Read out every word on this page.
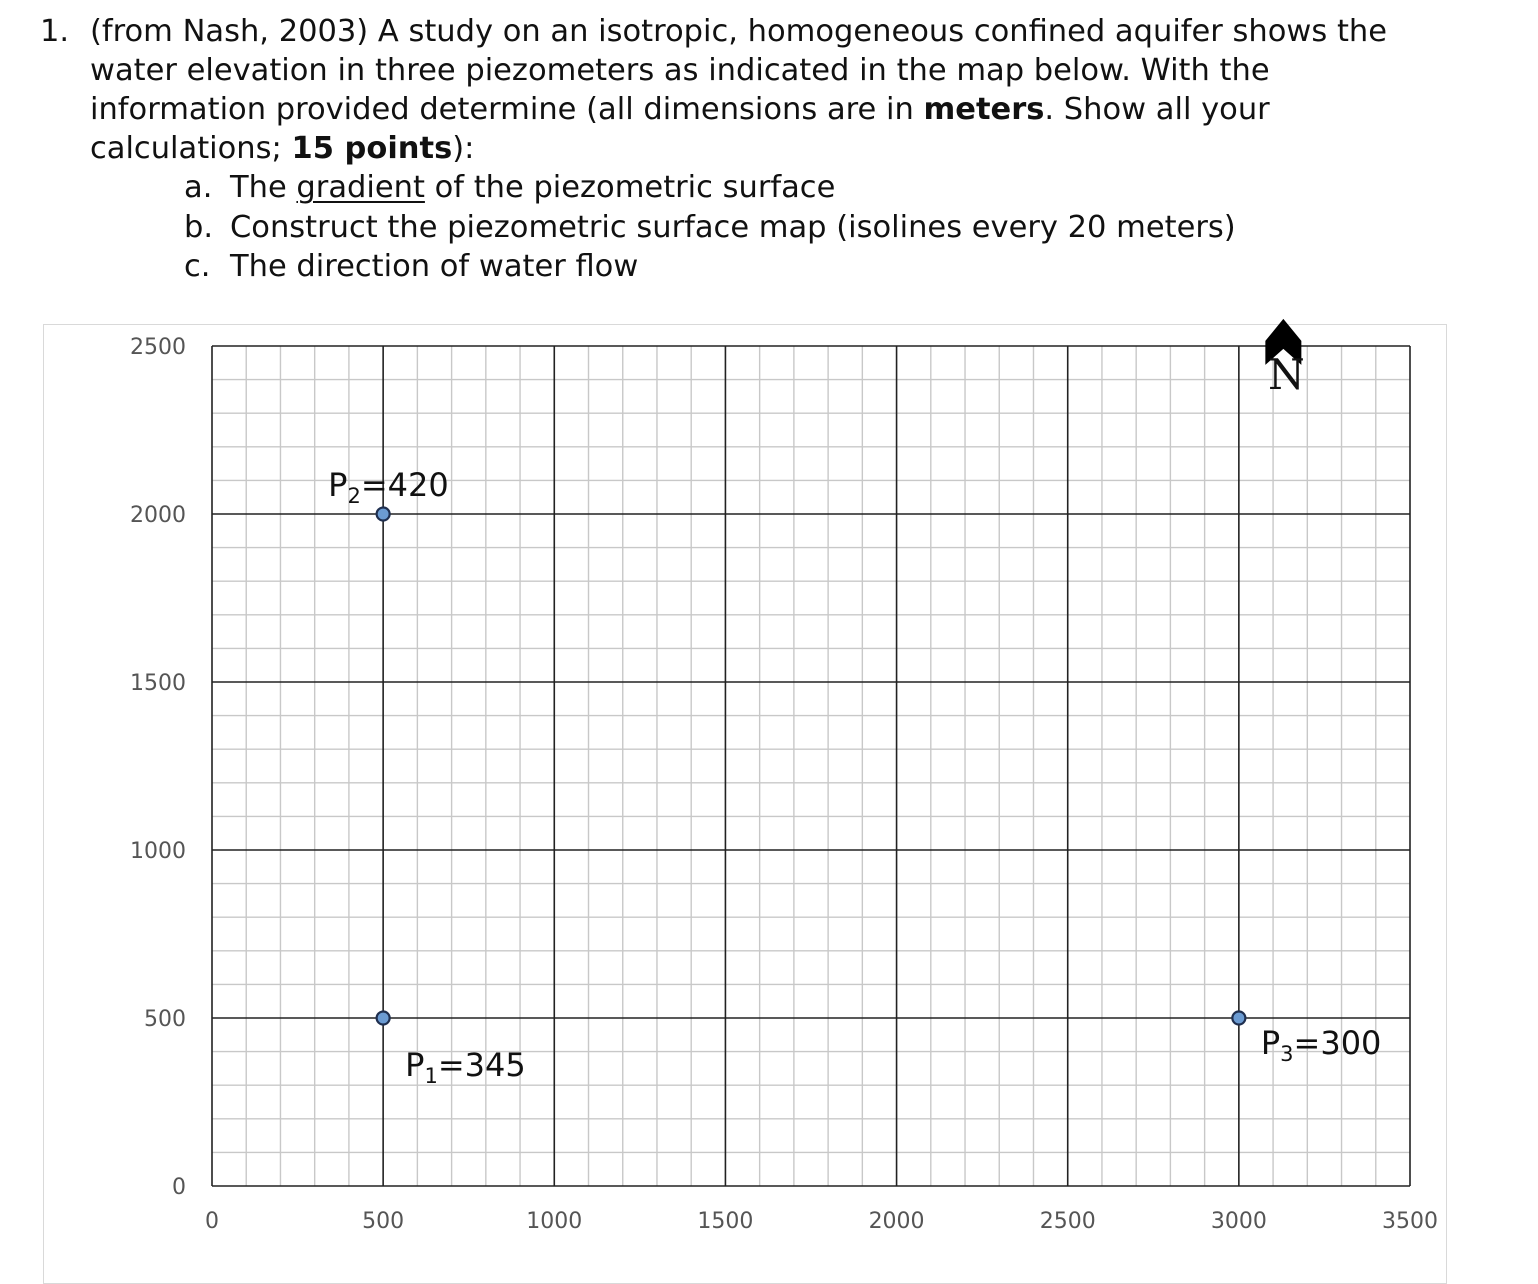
1. (from Nash, 2003) A study on an isotropic, homogeneous confined aquifer shows the
water elevation in three piezometers as indicated in the map below. With the
information provided determine (all dimensions are in meters. Show all your
calculations; 15 points):
a. The gradient of the piezometric surface
b. Construct the piezometric surface map (isolines every 20 meters)
c. The direction of water flow
0	500	1000	1500	2000	2500	3000	3500
0
500
1000
1500
2000
2500
N
$P_1=345$
$P_2=420$
$P_3=300$
